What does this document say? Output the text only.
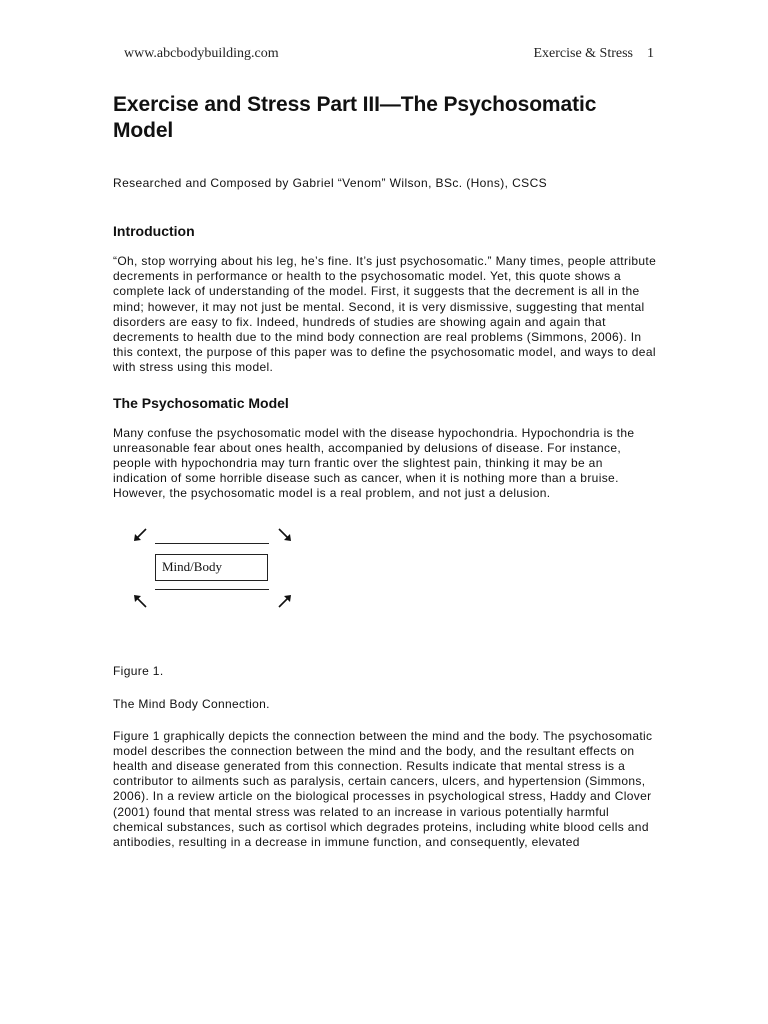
www.abcbodybuilding.com	Exercise & Stress 1
Exercise and Stress Part III—The Psychosomatic Model

Researched and Composed by Gabriel “Venom” Wilson, BSc. (Hons), CSCS

Introduction

“Oh, stop worrying about his leg, he’s fine. It’s just psychosomatic.” Many times, people attribute decrements in performance or health to the psychosomatic model. Yet, this quote shows a complete lack of understanding of the model. First, it suggests that the decrement is all in the mind; however, it may not just be mental. Second, it is very dismissive, suggesting that mental disorders are easy to fix. Indeed, hundreds of studies are showing again and again that decrements to health due to the mind body connection are real problems (Simmons, 2006). In this context, the purpose of this paper was to define the psychosomatic model, and ways to deal with stress using this model.

The Psychosomatic Model

Many confuse the psychosomatic model with the disease hypochondria. Hypochondria is the unreasonable fear about ones health, accompanied by delusions of disease. For instance, people with hypochondria may turn frantic over the slightest pain, thinking it may be an indication of some horrible disease such as cancer, when it is nothing more than a bruise. However, the psychosomatic model is a real problem, and not just a delusion.

Mind/Body

Figure 1.

The Mind Body Connection.

Figure 1 graphically depicts the connection between the mind and the body. The psychosomatic model describes the connection between the mind and the body, and the resultant effects on health and disease generated from this connection. Results indicate that mental stress is a contributor to ailments such as paralysis, certain cancers, ulcers, and hypertension (Simmons, 2006). In a review article on the biological processes in psychological stress, Haddy and Clover (2001) found that mental stress was related to an increase in various potentially harmful chemical substances, such as cortisol which degrades proteins, including white blood cells and antibodies, resulting in a decrease in immune function, and consequently, elevated
